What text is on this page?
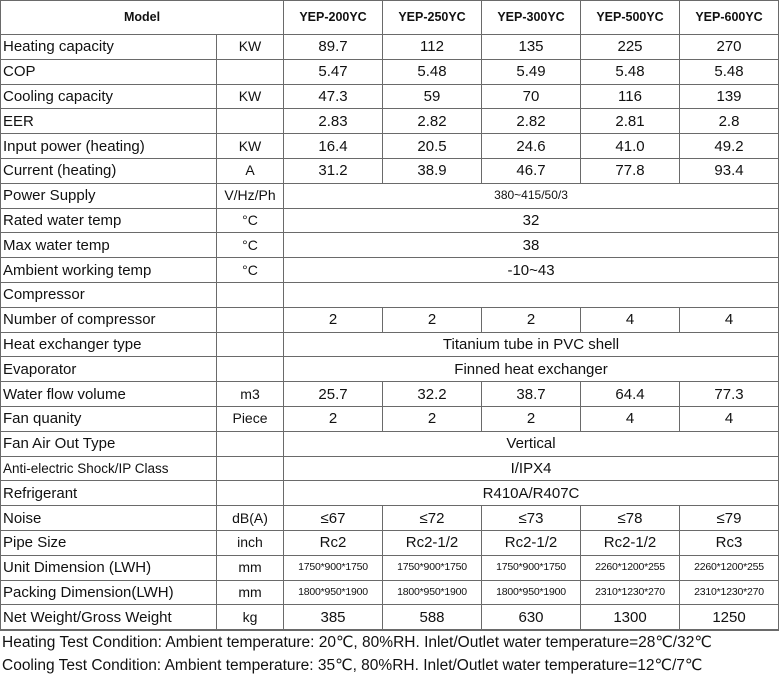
Model		YEP-200YC	YEP-250YC	YEP-300YC	YEP-500YC	YEP-600YC
Heating capacity	KW	89.7	112	135	225	270
COP		5.47	5.48	5.49	5.48	5.48
Cooling capacity	KW	47.3	59	70	116	139
EER		2.83	2.82	2.82	2.81	2.8
Input power (heating)	KW	16.4	20.5	24.6	41.0	49.2
Current (heating)	A	31.2	38.9	46.7	77.8	93.4
Power Supply	V/Hz/Ph	380~415/50/3				
Rated water temp	°C	32				
Max water temp	°C	38				
Ambient working temp	°C	-10~43				
Compressor						
Number of compressor		2	2	2	4	4
Heat exchanger type		Titanium tube in PVC shell				
Evaporator		Finned heat exchanger				
Water flow volume	m3	25.7	32.2	38.7	64.4	77.3
Fan quanity	Piece	2	2	2	4	4
Fan Air Out Type		Vertical				
Anti-electric Shock/IP Class		I/IPX4				
Refrigerant		R410A/R407C				
Noise	dB(A)	≤67	≤72	≤73	≤78	≤79
Pipe Size	inch	Rc2	Rc2-1/2	Rc2-1/2	Rc2-1/2	Rc3
Unit Dimension (LWH)	mm	1750*900*1750	1750*900*1750	1750*900*1750	2260*1200*255	2260*1200*255
Packing Dimension(LWH)	mm	1800*950*1900	1800*950*1900	1800*950*1900	2310*1230*270	2310*1230*270
Net Weight/Gross Weight	kg	385	588	630	1300	1250
Heating Test Condition: Ambient temperature: 20℃, 80%RH. Inlet/Outlet water temperature=28℃/32℃
Cooling Test Condition: Ambient temperature: 35℃, 80%RH. Inlet/Outlet water temperature=12℃/7℃
